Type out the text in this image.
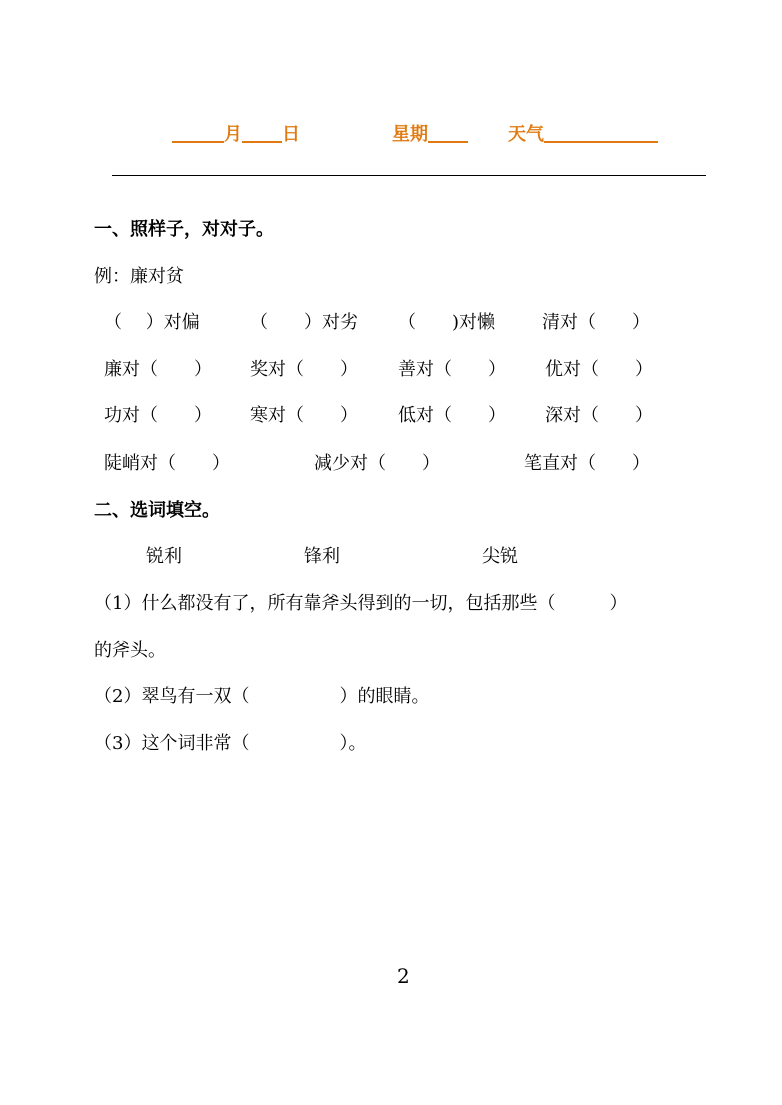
月 日	星期	天气
一、照样子，对对子。
例：廉对贫
（　 ）对偏	（　　）对劣 （　　)对懒	清对（　　）
廉对（　　） 奖对（　　） 善对（　　） 优对（　　）
功对（　　） 寒对（　　） 低对（　　） 深对（　　）
陡峭对（　　）	减少对（　　）	笔直对（　　）
二、选词填空。
锐利	锋利	尖锐
（1）什么都没有了，所有靠斧头得到的一切，包括那些（　　　）
的斧头。
（2）翠鸟有一双（　　　　　）的眼睛。
（3）这个词非常（　　　　　）。
2
